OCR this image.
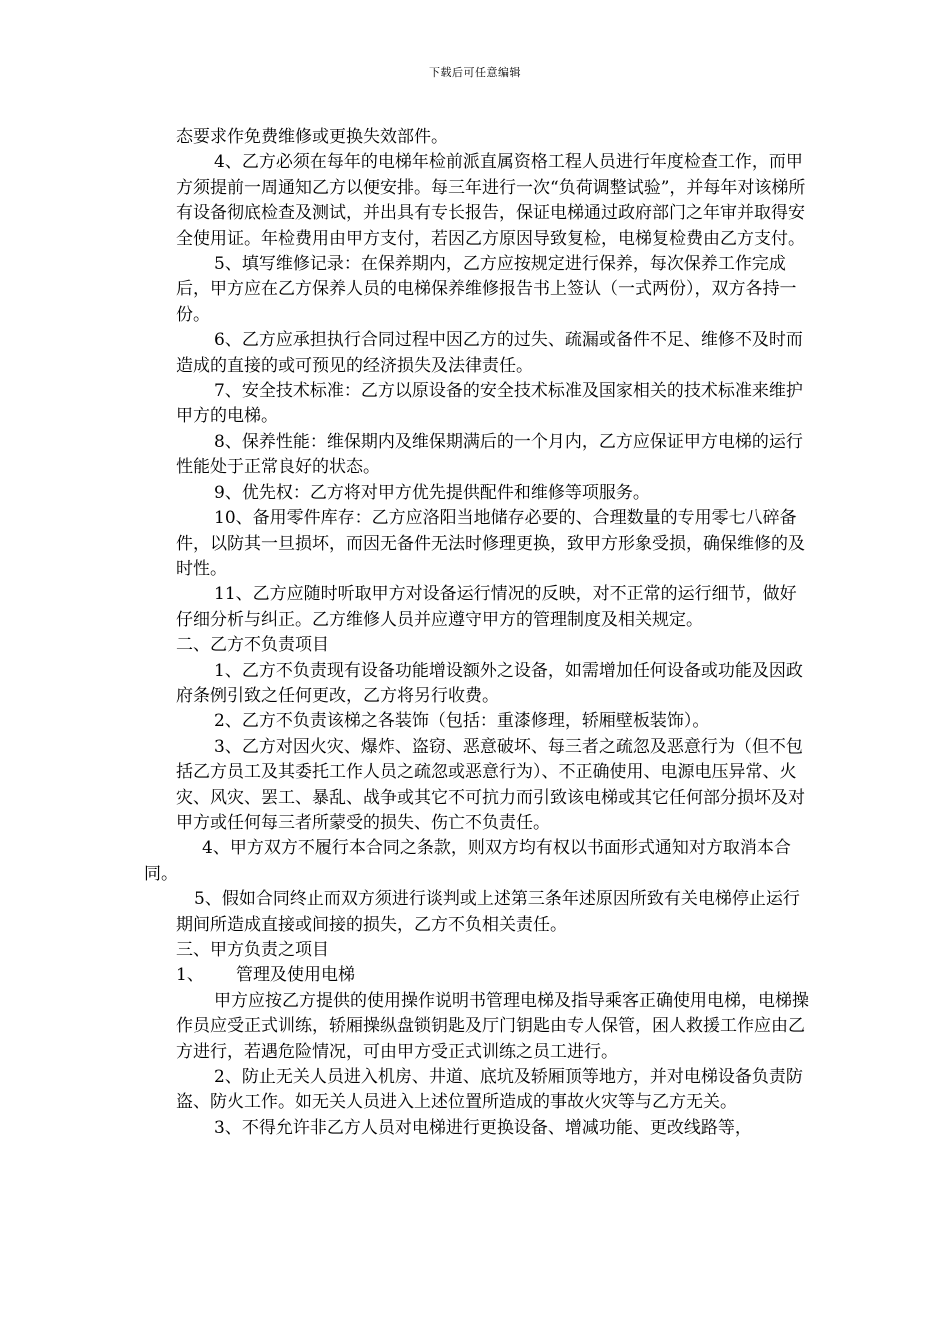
下载后可任意编辑

态要求作免费维修或更换失效部件。

4、乙方必须在每年的电梯年检前派直属资格工程人员进行年度检查工作，而甲方须提前一周通知乙方以便安排。每三年进行一次“负荷调整试验”，并每年对该梯所有设备彻底检查及测试，并出具有专长报告，保证电梯通过政府部门之年审并取得安全使用证。年检费用由甲方支付，若因乙方原因导致复检，电梯复检费由乙方支付。

5、填写维修记录：在保养期内，乙方应按规定进行保养，每次保养工作完成后，甲方应在乙方保养人员的电梯保养维修报告书上签认（一式两份），双方各持一份。

6、乙方应承担执行合同过程中因乙方的过失、疏漏或备件不足、维修不及时而造成的直接的或可预见的经济损失及法律责任。

7、安全技术标准：乙方以原设备的安全技术标准及国家相关的技术标准来维护甲方的电梯。

8、保养性能：维保期内及维保期满后的一个月内，乙方应保证甲方电梯的运行性能处于正常良好的状态。

9、优先权：乙方将对甲方优先提供配件和维修等项服务。

10、备用零件库存：乙方应洛阳当地储存必要的、合理数量的专用零七八碎备件，以防其一旦损坏，而因无备件无法时修理更换，致甲方形象受损，确保维修的及时性。

11、乙方应随时听取甲方对设备运行情况的反映，对不正常的运行细节，做好仔细分析与纠正。乙方维修人员并应遵守甲方的管理制度及相关规定。

二、乙方不负责项目

1、乙方不负责现有设备功能增设额外之设备，如需增加任何设备或功能及因政府条例引致之任何更改，乙方将另行收费。

2、乙方不负责该梯之各装饰（包括：重漆修理，轿厢壁板装饰）。

3、乙方对因火灾、爆炸、盗窃、恶意破坏、每三者之疏忽及恶意行为（但不包括乙方员工及其委托工作人员之疏忽或恶意行为）、不正确使用、电源电压异常、火灾、风灾、罢工、暴乱、战争或其它不可抗力而引致该电梯或其它任何部分损坏及对甲方或任何每三者所蒙受的损失、伤亡不负责任。

4、甲方双方不履行本合同之条款，则双方均有权以书面形式通知对方取消本合同。

5、假如合同终止而双方须进行谈判或上述第三条年述原因所致有关电梯停止运行期间所造成直接或间接的损失，乙方不负相关责任。

三、甲方负责之项目

1、 管理及使用电梯

甲方应按乙方提供的使用操作说明书管理电梯及指导乘客正确使用电梯，电梯操作员应受正式训练，轿厢操纵盘锁钥匙及厅门钥匙由专人保管，困人救援工作应由乙方进行，若遇危险情况，可由甲方受正式训练之员工进行。

2、防止无关人员进入机房、井道、底坑及轿厢顶等地方，并对电梯设备负责防盗、防火工作。如无关人员进入上述位置所造成的事故火灾等与乙方无关。

3、不得允许非乙方人员对电梯进行更换设备、增减功能、更改线路等，
